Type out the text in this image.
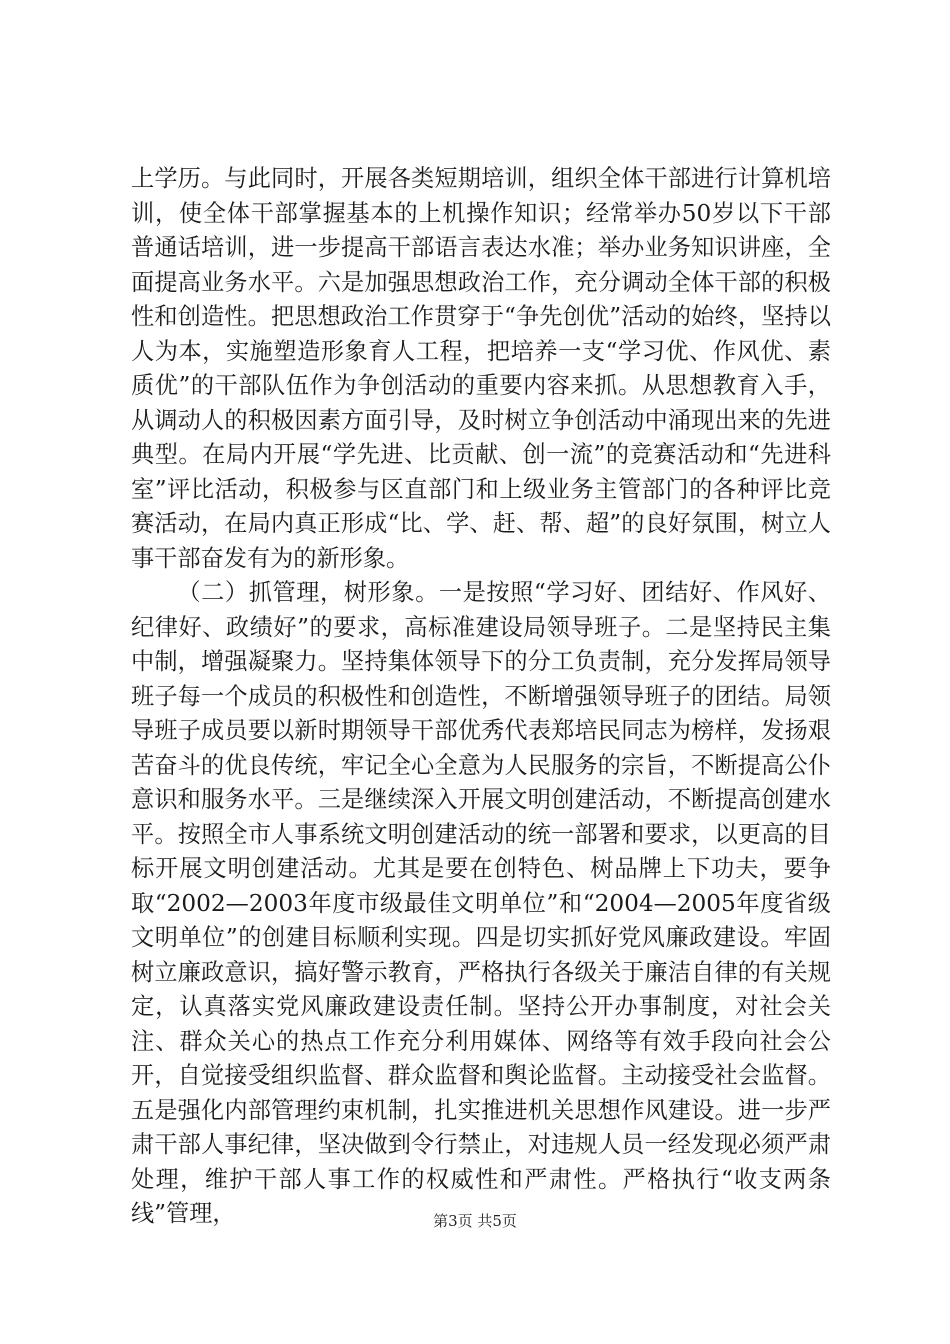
上学历。与此同时，开展各类短期培训，组织全体干部进行计算机培训，使全体干部掌握基本的上机操作知识；经常举办50岁以下干部普通话培训，进一步提高干部语言表达水准；举办业务知识讲座，全面提高业务水平。六是加强思想政治工作，充分调动全体干部的积极性和创造性。把思想政治工作贯穿于“争先创优”活动的始终，坚持以人为本，实施塑造形象育人工程，把培养一支“学习优、作风优、素质优”的干部队伍作为争创活动的重要内容来抓。从思想教育入手，从调动人的积极因素方面引导，及时树立争创活动中涌现出来的先进典型。在局内开展“学先进、比贡献、创一流”的竞赛活动和“先进科室”评比活动，积极参与区直部门和上级业务主管部门的各种评比竞赛活动，在局内真正形成“比、学、赶、帮、超”的良好氛围，树立人事干部奋发有为的新形象。

（二）抓管理，树形象。一是按照“学习好、团结好、作风好、纪律好、政绩好”的要求，高标准建设局领导班子。二是坚持民主集中制，增强凝聚力。坚持集体领导下的分工负责制，充分发挥局领导班子每一个成员的积极性和创造性，不断增强领导班子的团结。局领导班子成员要以新时期领导干部优秀代表郑培民同志为榜样，发扬艰苦奋斗的优良传统，牢记全心全意为人民服务的宗旨，不断提高公仆意识和服务水平。三是继续深入开展文明创建活动，不断提高创建水平。按照全市人事系统文明创建活动的统一部署和要求，以更高的目标开展文明创建活动。尤其是要在创特色、树品牌上下功夫，要争取“2002—2003年度市级最佳文明单位”和“2004—2005年度省级文明单位”的创建目标顺利实现。四是切实抓好党风廉政建设。牢固树立廉政意识，搞好警示教育，严格执行各级关于廉洁自律的有关规定，认真落实党风廉政建设责任制。坚持公开办事制度，对社会关注、群众关心的热点工作充分利用媒体、网络等有效手段向社会公开，自觉接受组织监督、群众监督和舆论监督。主动接受社会监督。五是强化内部管理约束机制，扎实推进机关思想作风建设。进一步严肃干部人事纪律，坚决做到令行禁止，对违规人员一经发现必须严肃处理，维护干部人事工作的权威性和严肃性。严格执行“收支两条线”管理，	第3页 共5页
